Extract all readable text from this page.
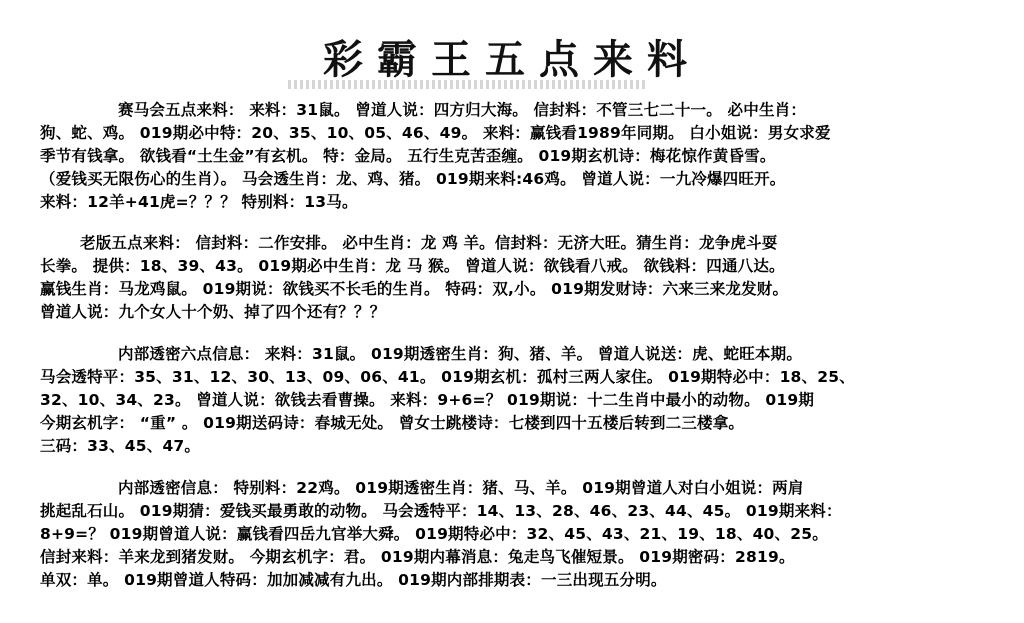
彩霸王五点来料
赛马会五点来料： 来料：31鼠。 曾道人说：四方归大海。 信封料：不管三七二十一。 必中生肖：
狗、蛇、鸡。 019期必中特：20、35、10、05、46、49。 来料：赢钱看1989年同期。 白小姐说：男女求爱
季节有钱拿。 欲钱看“土生金”有玄机。 特：金局。 五行生克苦歪缠。 019期玄机诗：梅花惊作黄昏雪。
（爱钱买无限伤心的生肖）。 马会透生肖：龙、鸡、猪。 019期来料:46鸡。 曾道人说：一九冷爆四旺开。
来料：12羊+41虎=？？？ 特别料：13马。
老版五点来料： 信封料：二作安排。 必中生肖：龙 鸡 羊。信封料：无济大旺。猜生肖：龙争虎斗耍
长拳。 提供：18、39、43。 019期必中生肖：龙 马 猴。 曾道人说：欲钱看八戒。 欲钱料：四通八达。
赢钱生肖：马龙鸡鼠。 019期说：欲钱买不长毛的生肖。 特码：双,小。 019期发财诗：六来三来龙发财。
曾道人说：九个女人十个奶、掉了四个还有？？？
内部透密六点信息： 来料：31鼠。 019期透密生肖：狗、猪、羊。 曾道人说送：虎、蛇旺本期。
马会透特平：35、31、12、30、13、09、06、41。 019期玄机：孤村三两人家住。 019期特必中：18、25、
32、10、34、23。 曾道人说：欲钱去看曹操。 来料：9+6=？ 019期说：十二生肖中最小的动物。 019期
今期玄机字： “重” 。 019期送码诗：春城无处。 曾女士跳楼诗：七楼到四十五楼后转到二三楼拿。
三码：33、45、47。
内部透密信息： 特别料：22鸡。 019期透密生肖：猪、马、羊。 019期曾道人对白小姐说：两肩
挑起乱石山。 019期猜：爱钱买最勇敢的动物。 马会透特平：14、13、28、46、23、44、45。 019期来料：
8+9=？ 019期曾道人说：赢钱看四岳九官举大舜。 019期特必中：32、45、43、21、19、18、40、25。
信封来料：羊来龙到猪发财。 今期玄机字：君。 019期内幕消息：兔走鸟飞催短景。 019期密码：2819。
单双：单。 019期曾道人特码：加加减减有九出。 019期内部排期表：一三出现五分明。
